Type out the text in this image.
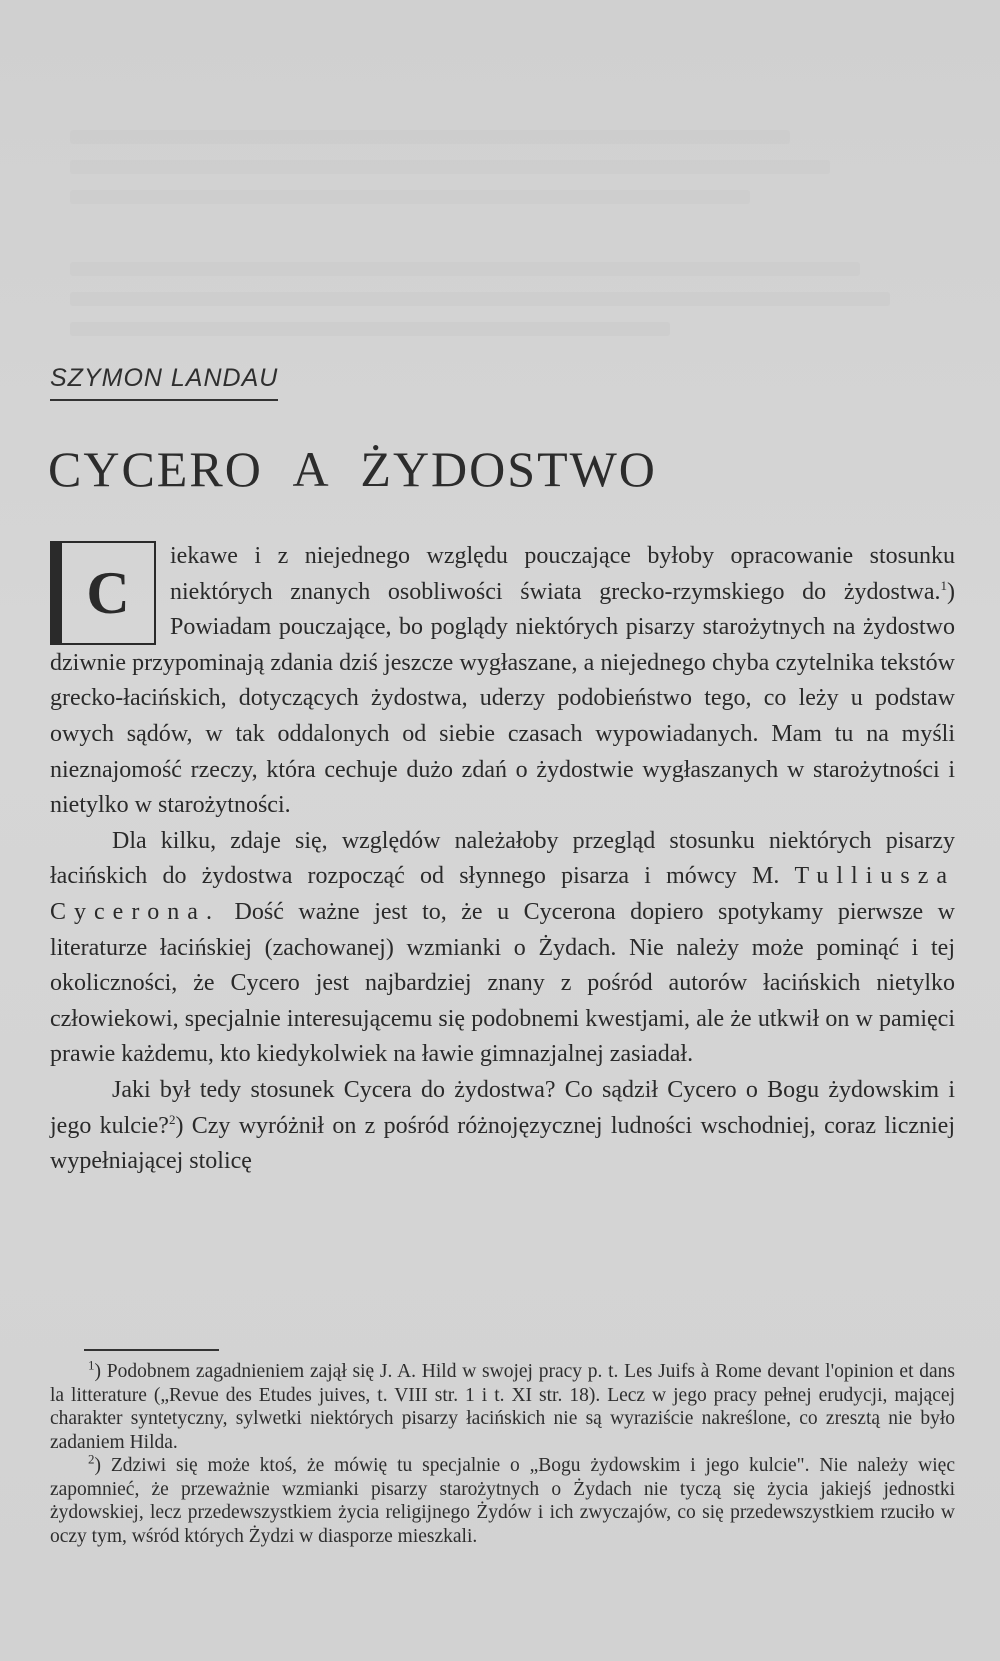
SZYMON LANDAU
CYCERO A ŻYDOSTWO

C
iekawe i z niejednego względu pouczające byłoby opracowanie stosunku niektórych znanych osobliwości świata grecko-rzymskiego do żydostwa.$^1$) Powiadam pouczające, bo poglądy niektórych pisarzy starożytnych na żydostwo dziwnie przypominają zdania dziś jeszcze wygłaszane, a niejednego chyba czytelnika tekstów grecko-łacińskich, dotyczących żydostwa, uderzy podobieństwo tego, co leży u podstaw owych sądów, w tak oddalonych od siebie czasach wypowiadanych. Mam tu na myśli nieznajomość rzeczy, która cechuje dużo zdań o żydostwie wygłaszanych w starożytności i nietylko w starożytności.

Dla kilku, zdaje się, względów należałoby przegląd stosunku niektórych pisarzy łacińskich do żydostwa rozpocząć od słynnego pisarza i mówcy M. Tulliusza Cycerona. Dość ważne jest to, że u Cycerona dopiero spotykamy pierwsze w literaturze łacińskiej (zachowanej) wzmianki o Żydach. Nie należy może pominąć i tej okoliczności, że Cycero jest najbardziej znany z pośród autorów łacińskich nietylko człowiekowi, specjalnie interesującemu się podobnemi kwestjami, ale że utkwił on w pamięci prawie każdemu, kto kiedykolwiek na ławie gimnazjalnej zasiadał.

Jaki był tedy stosunek Cycera do żydostwa? Co sądził Cycero o Bogu żydowskim i jego kulcie?$^2$) Czy wyróżnił on z pośród różnojęzycznej ludności wschodniej, coraz liczniej wypełniającej stolicę

$^1$) Podobnem zagadnieniem zajął się J. A. Hild w swojej pracy p. t. Les Juifs à Rome devant l'opinion et dans la litterature („Revue des Etudes juives, t. VIII str. 1 i t. XI str. 18). Lecz w jego pracy pełnej erudycji, mającej charakter syntetyczny, sylwetki niektórych pisarzy łacińskich nie są wyraziście nakreślone, co zresztą nie było zadaniem Hilda.

$^2$) Zdziwi się może ktoś, że mówię tu specjalnie o „Bogu żydowskim i jego kulcie". Nie należy więc zapomnieć, że przeważnie wzmianki pisarzy starożytnych o Żydach nie tyczą się życia jakiejś jednostki żydowskiej, lecz przedewszystkiem życia religijnego Żydów i ich zwyczajów, co się przedewszystkiem rzuciło w oczy tym, wśród których Żydzi w diasporze mieszkali.
